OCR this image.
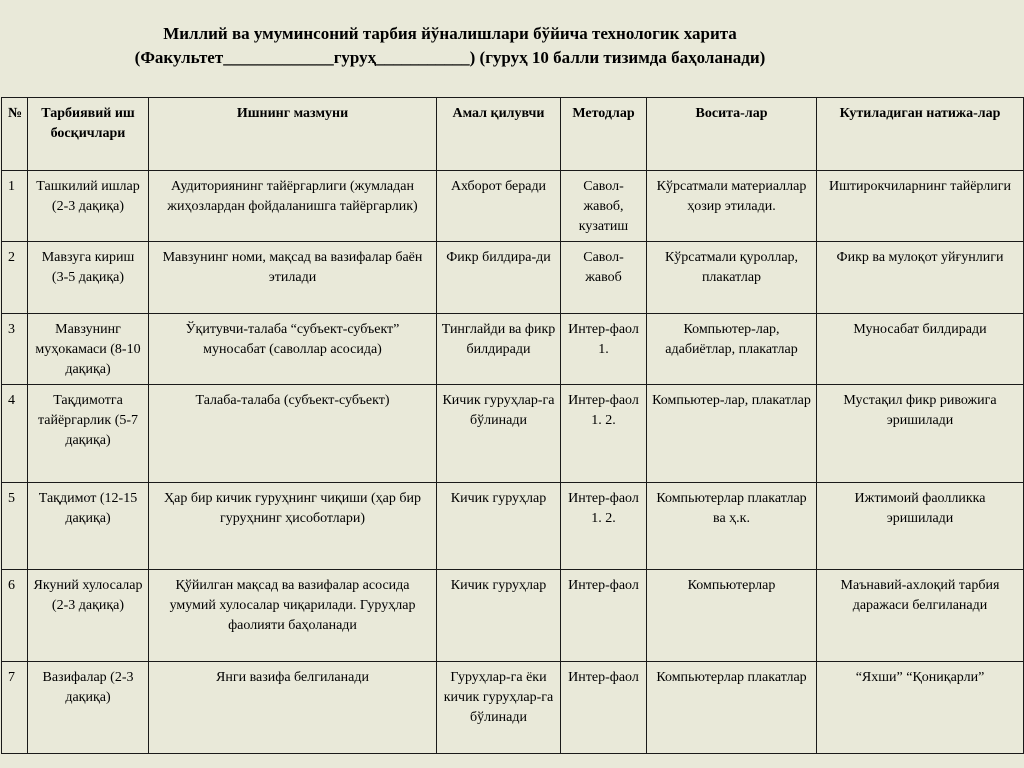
Миллий ва умуминсоний тарбия йўналишлари бўйича технологик харита
(Факультет_____________гуруҳ___________) (гуруҳ 10 балли тизимда баҳоланади)
№	Тарбиявий иш босқичлари	Ишнинг мазмуни	Амал қилувчи	Методлар	Восита-лар	Кутиладиган натижа-лар
1	Ташкилий ишлар (2-3 дақиқа)	Аудиториянинг тайёргарлиги (жумладан жиҳозлардан фойдаланишга тайёргарлик)	Ахборот беради	Савол-жавоб, кузатиш	Кўрсатмали материаллар ҳозир этилади.	Иштирокчиларнинг тайёрлиги
2	Мавзуга кириш (3-5 дақиқа)	Мавзунинг номи, мақсад ва вазифалар баён этилади	Фикр билдира-ди	Савол-жавоб	Кўрсатмали қуроллар, плакатлар	Фикр ва мулоқот уйғунлиги
3	Мавзунинг муҳокамаси (8-10 дақиқа)	Ўқитувчи-талаба “субъект-субъект” муносабат (саволлар асосида)	Тинглайди ва фикр билдиради	Интер-фаол 1.	Компьютер-лар, адабиётлар, плакатлар	Муносабат билдиради
4	Тақдимотга тайёргарлик (5-7 дақиқа)	Талаба-талаба (субъект-субъект)	Кичик гуруҳлар-га бўлинади	Интер-фаол 1. 2.	Компьютер-лар, плакатлар	Мустақил фикр ривожига эришилади
5	Тақдимот (12-15 дақиқа)	Ҳар бир кичик гуруҳнинг чиқиши (ҳар бир гуруҳнинг ҳисоботлари)	Кичик гуруҳлар	Интер-фаол 1. 2.	Компьютерлар плакатлар ва ҳ.к.	Ижтимоий фаолликка эришилади
6	Якуний хулосалар (2-3 дақиқа)	Қўйилган мақсад ва вазифалар асосида умумий хулосалар чиқарилади. Гуруҳлар фаолияти баҳоланади	Кичик гуруҳлар	Интер-фаол	Компьютерлар	Маънавий-ахлоқий тарбия даражаси белгиланади
7	Вазифалар (2-3 дақиқа)	Янги вазифа белгиланади	Гуруҳлар-га ёки кичик гуруҳлар-га бўлинади	Интер-фаол	Компьютерлар плакатлар	“Яхши” “Қониқарли”
